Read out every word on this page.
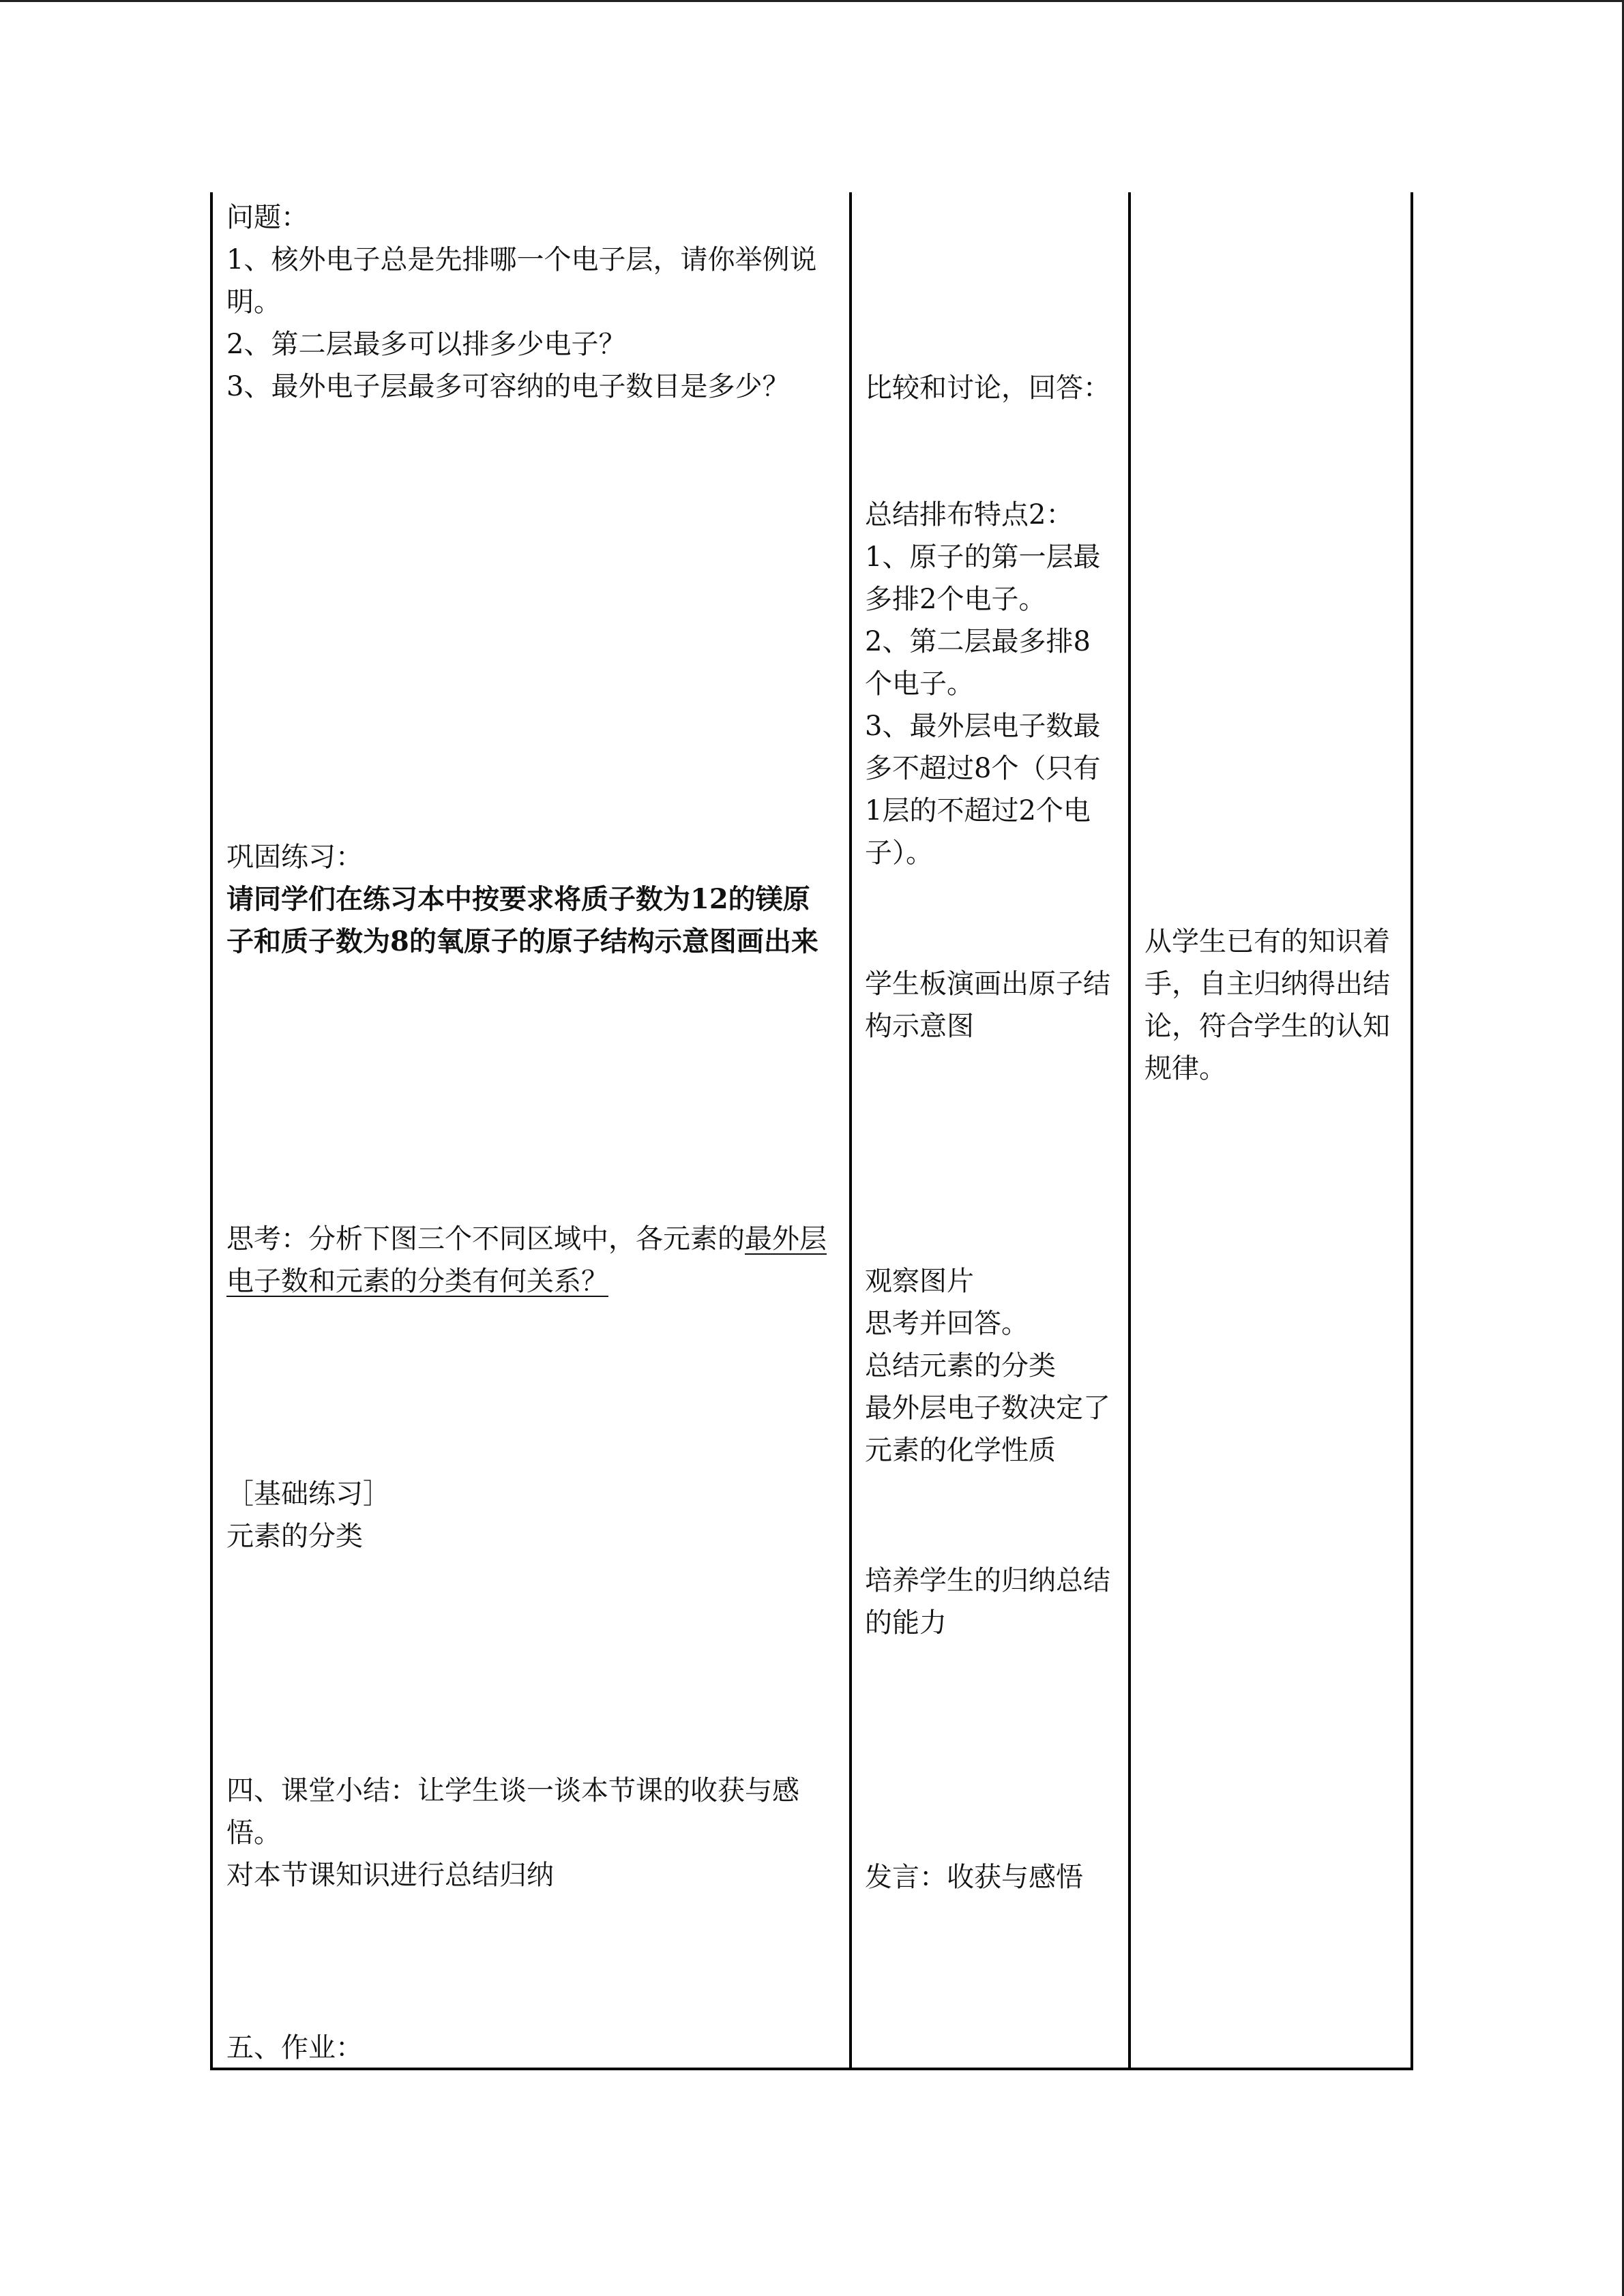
问题：

1、核外电子总是先排哪一个电子层，请你举例说明。

2、第二层最多可以排多少电子？

3、最外电子层最多可容纳的电子数目是多少？

巩固练习：

请同学们在练习本中按要求将质子数为12的镁原子和质子数为8的氧原子的原子结构示意图画出来

思考：分析下图三个不同区域中，各元素的最外层电子数和元素的分类有何关系？

［基础练习］

元素的分类

四、课堂小结：让学生谈一谈本节课的收获与感悟。

对本节课知识进行总结归纳

五、作业：

比较和讨论，回答：

总结排布特点2：

1、原子的第一层最多排2个电子。

2、第二层最多排8个电子。

3、最外层电子数最多不超过8个（只有1层的不超过2个电子）。

学生板演画出原子结构示意图

观察图片

思考并回答。

总结元素的分类

最外层电子数决定了元素的化学性质

培养学生的归纳总结的能力

发言：收获与感悟

从学生已有的知识着手，自主归纳得出结论，符合学生的认知规律。
